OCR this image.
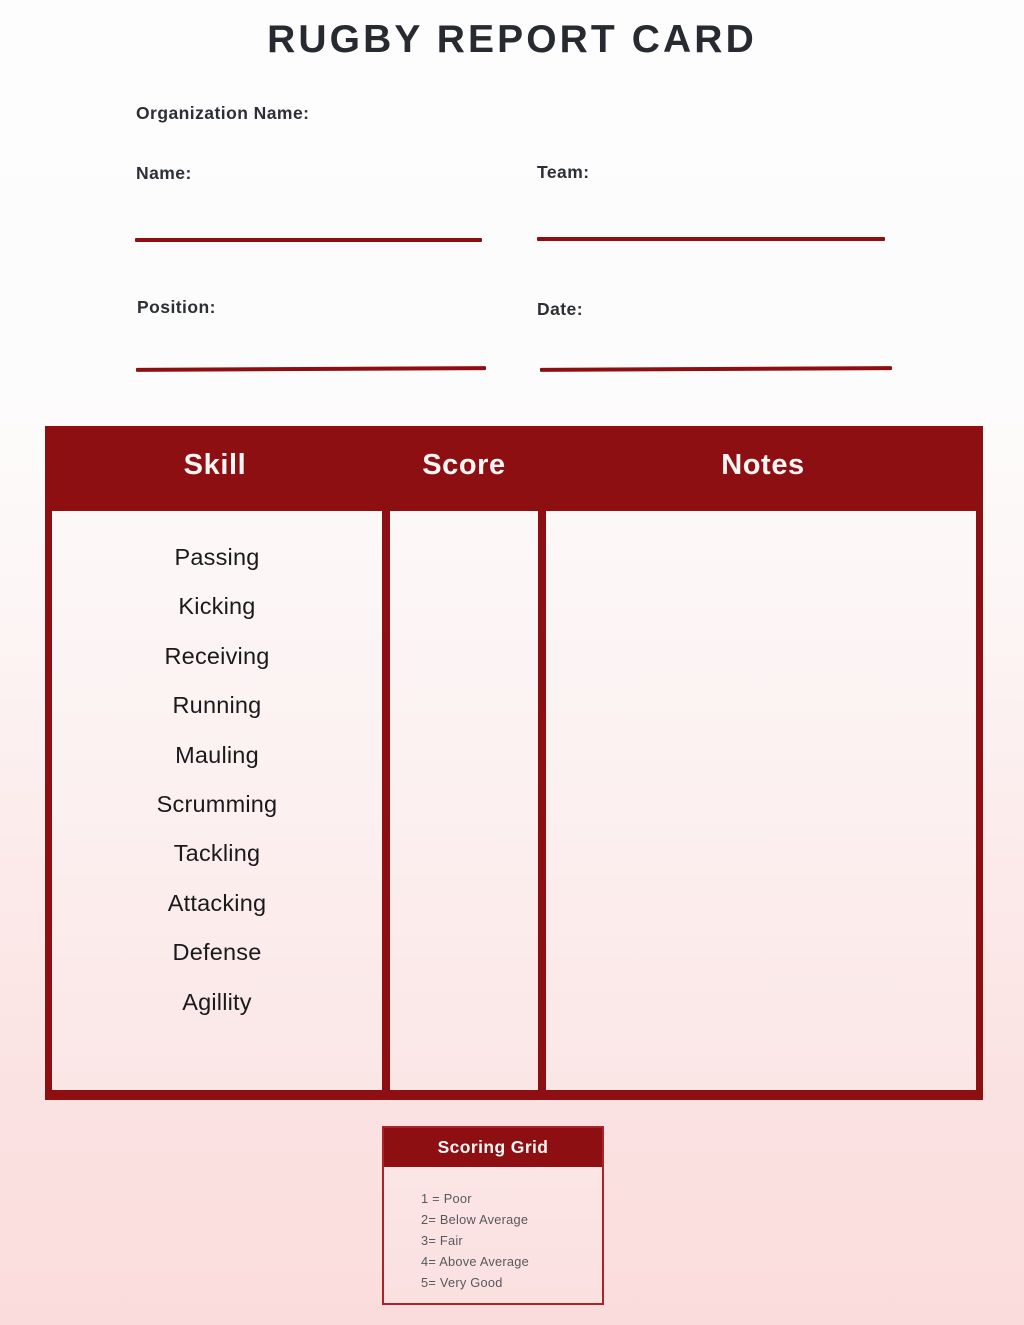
RUGBY REPORT CARD
Organization Name:
Name:	Team:
Position:	Date:
Skill	Score	Notes
Passing
Kicking
Receiving
Running
Mauling
Scrumming
Tackling
Attacking
Defense
Agillity
Scoring Grid
1 = Poor
2= Below Average
3= Fair
4= Above Average
5= Very Good
